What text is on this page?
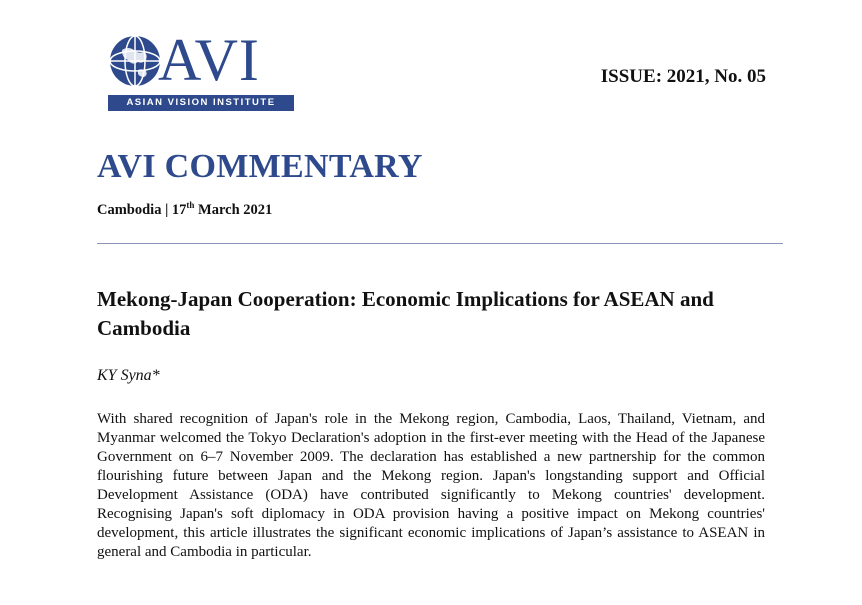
AVI
ASIAN VISION INSTITUTE
ISSUE: 2021, No. 05
AVI COMMENTARY
Cambodia | 17th March 2021
Mekong-Japan Cooperation: Economic Implications for ASEAN and Cambodia
KY Syna*
With shared recognition of Japan's role in the Mekong region, Cambodia, Laos, Thailand, Vietnam, and Myanmar welcomed the Tokyo Declaration's adoption in the first-ever meeting with the Head of the Japanese Government on 6–7 November 2009. The declaration has established a new partnership for the common flourishing future between Japan and the Mekong region. Japan's longstanding support and Official Development Assistance (ODA) have contributed significantly to Mekong countries' development. Recognising Japan's soft diplomacy in ODA provision having a positive impact on Mekong countries' development, this article illustrates the significant economic implications of Japan’s assistance to ASEAN in general and Cambodia in particular.
